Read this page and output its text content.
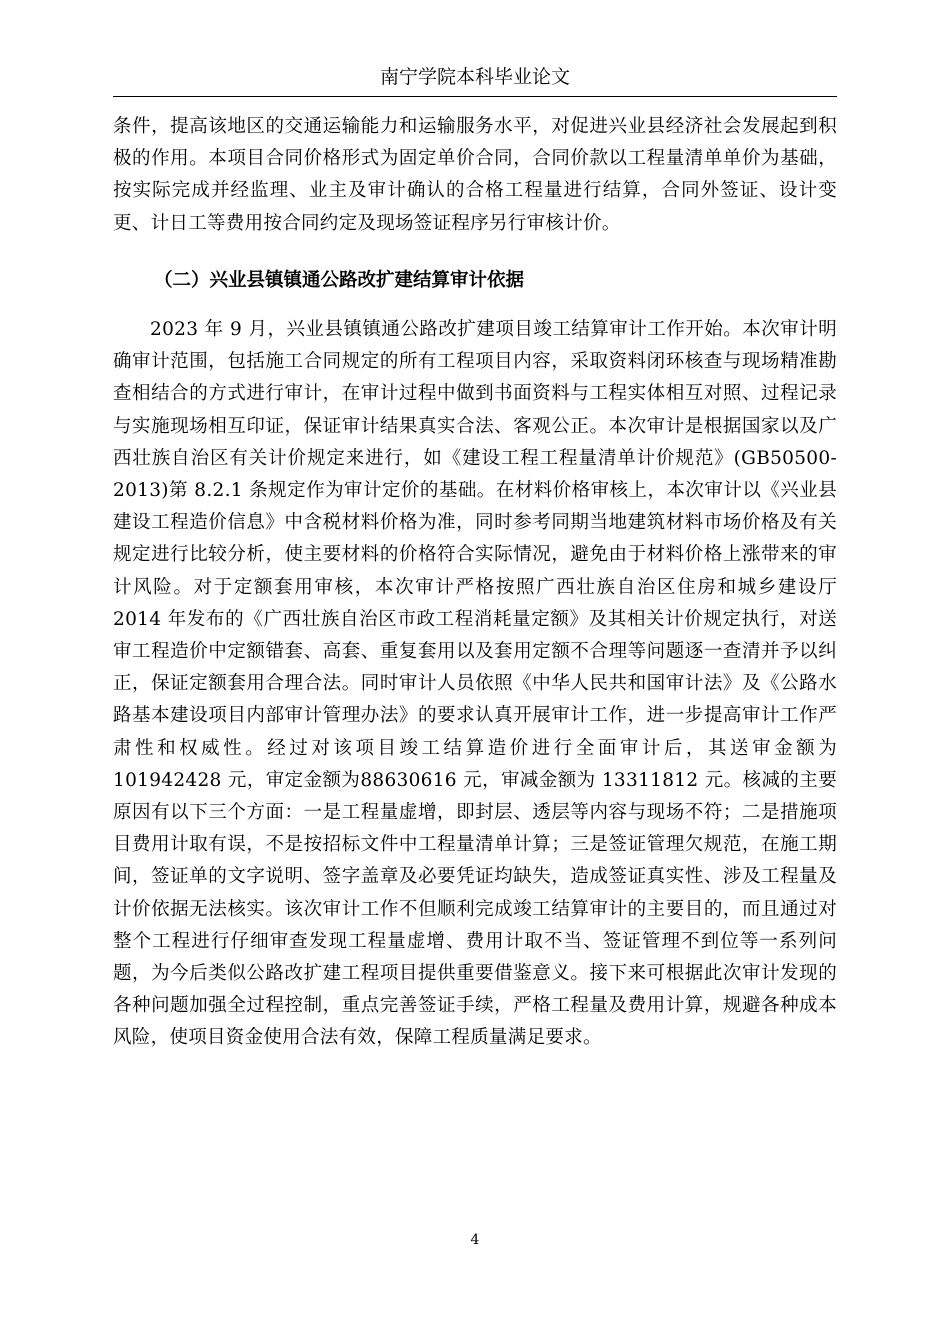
南宁学院本科毕业论文
条件，提高该地区的交通运输能力和运输服务水平，对促进兴业县经济社会发展起到积极的作用。本项目合同价格形式为固定单价合同，合同价款以工程量清单单价为基础，按实际完成并经监理、业主及审计确认的合格工程量进行结算，合同外签证、设计变更、计日工等费用按合同约定及现场签证程序另行审核计价。
（二）兴业县镇镇通公路改扩建结算审计依据
2023 年 9 月，兴业县镇镇通公路改扩建项目竣工结算审计工作开始。本次审计明确审计范围，包括施工合同规定的所有工程项目内容，采取资料闭环核查与现场精准勘查相结合的方式进行审计，在审计过程中做到书面资料与工程实体相互对照、过程记录与实施现场相互印证，保证审计结果真实合法、客观公正。本次审计是根据国家以及广西壮族自治区有关计价规定来进行，如《建设工程工程量清单计价规范》(GB50500-2013)第 8.2.1 条规定作为审计定价的基础。在材料价格审核上，本次审计以《兴业县建设工程造价信息》中含税材料价格为准，同时参考同期当地建筑材料市场价格及有关规定进行比较分析，使主要材料的价格符合实际情况，避免由于材料价格上涨带来的审计风险。对于定额套用审核，本次审计严格按照广西壮族自治区住房和城乡建设厅 2014 年发布的《广西壮族自治区市政工程消耗量定额》及其相关计价规定执行，对送审工程造价中定额错套、高套、重复套用以及套用定额不合理等问题逐一查清并予以纠正，保证定额套用合理合法。同时审计人员依照《中华人民共和国审计法》及《公路水路基本建设项目内部审计管理办法》的要求认真开展审计工作，进一步提高审计工作严肃性和权威性。经过对该项目竣工结算造价进行全面审计后，其送审金额为 101942428 元，审定金额为88630616 元，审减金额为 13311812 元。核减的主要原因有以下三个方面：一是工程量虚增，即封层、透层等内容与现场不符；二是措施项目费用计取有误，不是按招标文件中工程量清单计算；三是签证管理欠规范，在施工期间，签证单的文字说明、签字盖章及必要凭证均缺失，造成签证真实性、涉及工程量及计价依据无法核实。该次审计工作不但顺利完成竣工结算审计的主要目的，而且通过对整个工程进行仔细审查发现工程量虚增、费用计取不当、签证管理不到位等一系列问题，为今后类似公路改扩建工程项目提供重要借鉴意义。接下来可根据此次审计发现的各种问题加强全过程控制，重点完善签证手续，严格工程量及费用计算，规避各种成本风险，使项目资金使用合法有效，保障工程质量满足要求。
4
